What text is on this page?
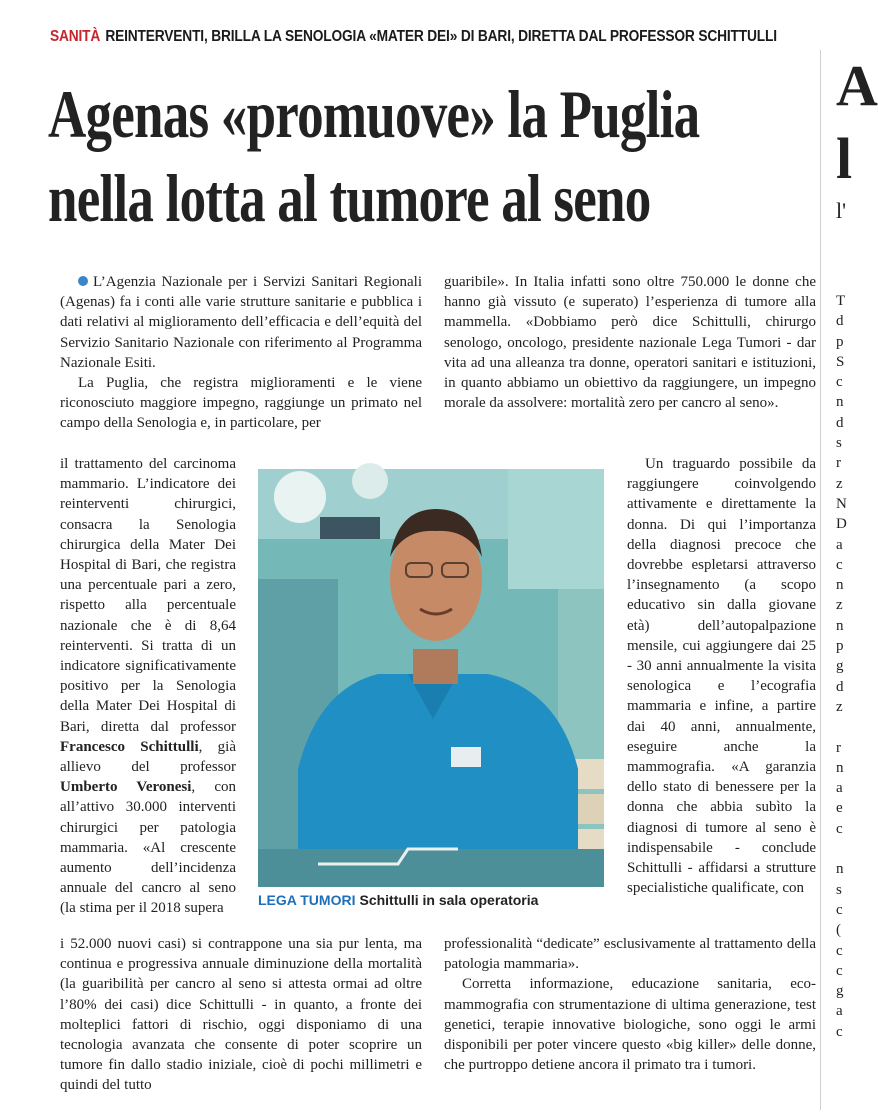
SANITÀ REINTERVENTI, BRILLA LA SENOLOGIA «MATER DEI» DI BARI, DIRETTA DAL PROFESSOR SCHITTULLI
Agenas «promuove» la Puglia
nella lotta al tumore al seno
A
l
l'

L’Agenzia Nazionale per i Servizi Sanitari Regionali (Agenas) fa i conti alle varie strutture sanitarie e pubblica i dati relativi al miglioramento dell’efficacia e dell’equità del Servizio Sanitario Nazionale con riferimento al Programma Nazionale Esiti.

La Puglia, che registra miglioramenti e le viene riconosciuto maggiore impegno, raggiunge un primato nel campo della Senologia e, in particolare, per

il trattamento del carcinoma mammario. L’indicatore dei reinterventi chirurgici, consacra la Senologia chirurgica della Mater Dei Hospital di Bari, che registra una percentuale pari a zero, rispetto alla percentuale nazionale che è di 8,64 reinterventi. Si tratta di un indicatore significativamente positivo per la Senologia della Mater Dei Hospital di Bari, diretta dal professor Francesco Schittulli, già allievo del professor Umberto Veronesi, con all’attivo 30.000 interventi chirurgici per patologia mammaria. «Al crescente aumento dell’incidenza annuale del cancro al seno (la stima per il 2018 supera

i 52.000 nuovi casi) si contrappone una sia pur lenta, ma continua e progressiva annuale diminuzione della mortalità (la guaribilità per cancro al seno si attesta ormai ad oltre l’80% dei casi) dice Schittulli - in quanto, a fronte dei molteplici fattori di rischio, oggi disponiamo di una tecnologia avanzata che consente di poter scoprire un tumore fin dallo stadio iniziale, cioè di pochi millimetri e quindi del tutto

guaribile». In Italia infatti sono oltre 750.000 le donne che hanno già vissuto (e superato) l’esperienza di tumore alla mammella. «Dobbiamo però dice Schittulli, chirurgo senologo, oncologo, presidente nazionale Lega Tumori - dar vita ad una alleanza tra donne, operatori sanitari e istituzioni, in quanto abbiamo un obiettivo da raggiungere, un impegno morale da assolvere: mortalità zero per cancro al seno».

Un traguardo possibile da raggiungere coinvolgendo attivamente e direttamente la donna. Di qui l’importanza della diagnosi precoce che dovrebbe espletarsi attraverso l’insegnamento (a scopo educativo sin dalla giovane età) dell’autopalpazione mensile, cui aggiungere dai 25 - 30 anni annualmente la visita senologica e l’ecografia mammaria e infine, a partire dai 40 anni, annualmente, eseguire anche la mammografia. «A garanzia dello stato di benessere per la donna che abbia subìto la diagnosi di tumore al seno è indispensabile - conclude Schittulli - affidarsi a strutture specialistiche qualificate, con

professionalità “dedicate” esclusivamente al trattamento della patologia mammaria».

Corretta informazione, educazione sanitaria, eco-mammografia con strumentazione di ultima generazione, test genetici, terapie innovative biologiche, sono oggi le armi disponibili per poter vincere questo «big killer» delle donne, che purtroppo detiene ancora il primato tra i tumori.

LEGA TUMORI Schittulli in sala operatoria
T
d
p
S
c
n
d
s
r
z
N
D
a
c
n
z
n
p
g
d
z
r
n
a
e
c
n
s
c
(
c
c
g
a
c
